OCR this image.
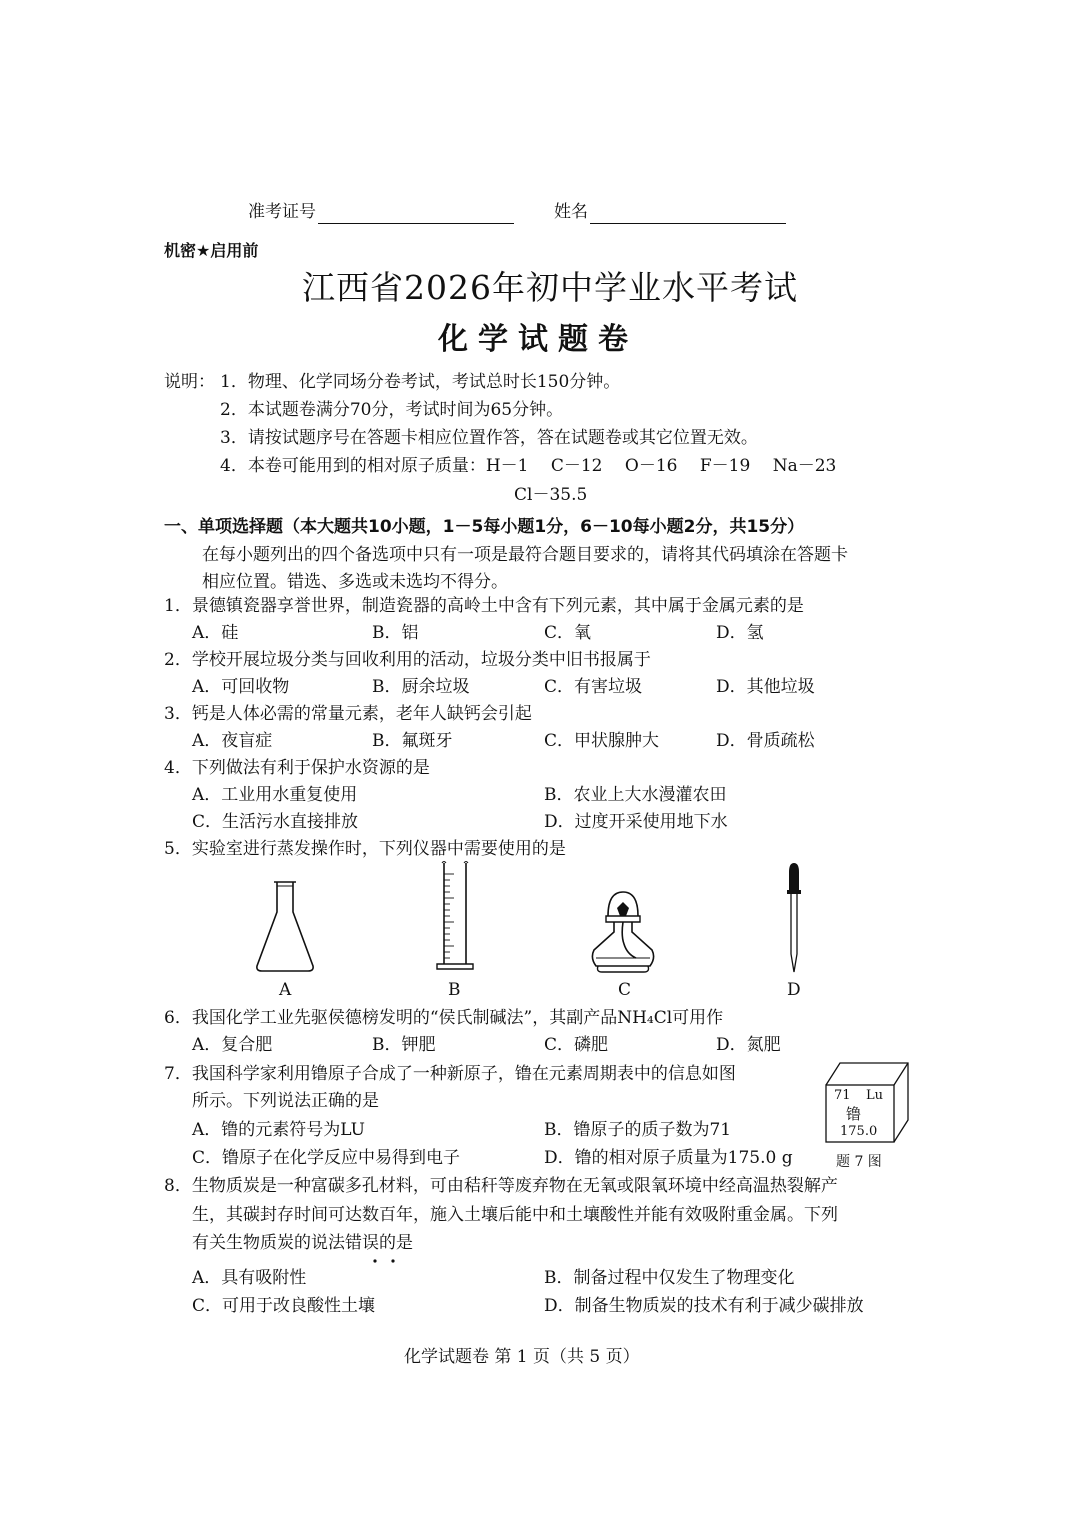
准考证号	姓名
机密★启用前
江西省2026年初中学业水平考试
化学试题卷
说明： 1．物理、化学同场分卷考试，考试总时长150分钟。
2．本试题卷满分70分，考试时间为65分钟。
3．请按试题序号在答题卡相应位置作答，答在试题卷或其它位置无效。
4．本卷可能用到的相对原子质量：H－1　 C－12　 O－16　 F－19　 Na－23
Cl－35.5
一、单项选择题（本大题共10小题，1－5每小题1分，6－10每小题2分，共15分）
在每小题列出的四个备选项中只有一项是最符合题目要求的，请将其代码填涂在答题卡
相应位置。错选、多选或未选均不得分。
1．景德镇瓷器享誉世界，制造瓷器的高岭土中含有下列元素，其中属于金属元素的是
A．硅	B．铝	C．氧	D．氢
2．学校开展垃圾分类与回收利用的活动，垃圾分类中旧书报属于
A．可回收物	B．厨余垃圾	C．有害垃圾	D．其他垃圾
3．钙是人体必需的常量元素，老年人缺钙会引起
A．夜盲症	B．氟斑牙	C．甲状腺肿大	D．骨质疏松
4．下列做法有利于保护水资源的是
A．工业用水重复使用	B．农业上大水漫灌农田
C．生活污水直接排放	D．过度开采使用地下水
5．实验室进行蒸发操作时，下列仪器中需要使用的是
A	B	C	D
6．我国化学工业先驱侯德榜发明的“侯氏制碱法”，其副产品NH₄Cl可用作
A．复合肥	B．钾肥	C．磷肥	D．氮肥
7．我国科学家利用镥原子合成了一种新原子，镥在元素周期表中的信息如图
所示。下列说法正确的是
A．镥的元素符号为LU	B．镥原子的质子数为71
C．镥原子在化学反应中易得到电子	D．镥的相对原子质量为175.0 g
71 Lu
镥
175.0
题 7 图
8．生物质炭是一种富碳多孔材料，可由秸秆等废弃物在无氧或限氧环境中经高温热裂解产
生，其碳封存时间可达数百年，施入土壤后能中和土壤酸性并能有效吸附重金属。下列
有关生物质炭的说法错误的是
A．具有吸附性	B．制备过程中仅发生了物理变化
C．可用于改良酸性土壤	D．制备生物质炭的技术有利于减少碳排放
化学试题卷 第 1 页（共 5 页）
